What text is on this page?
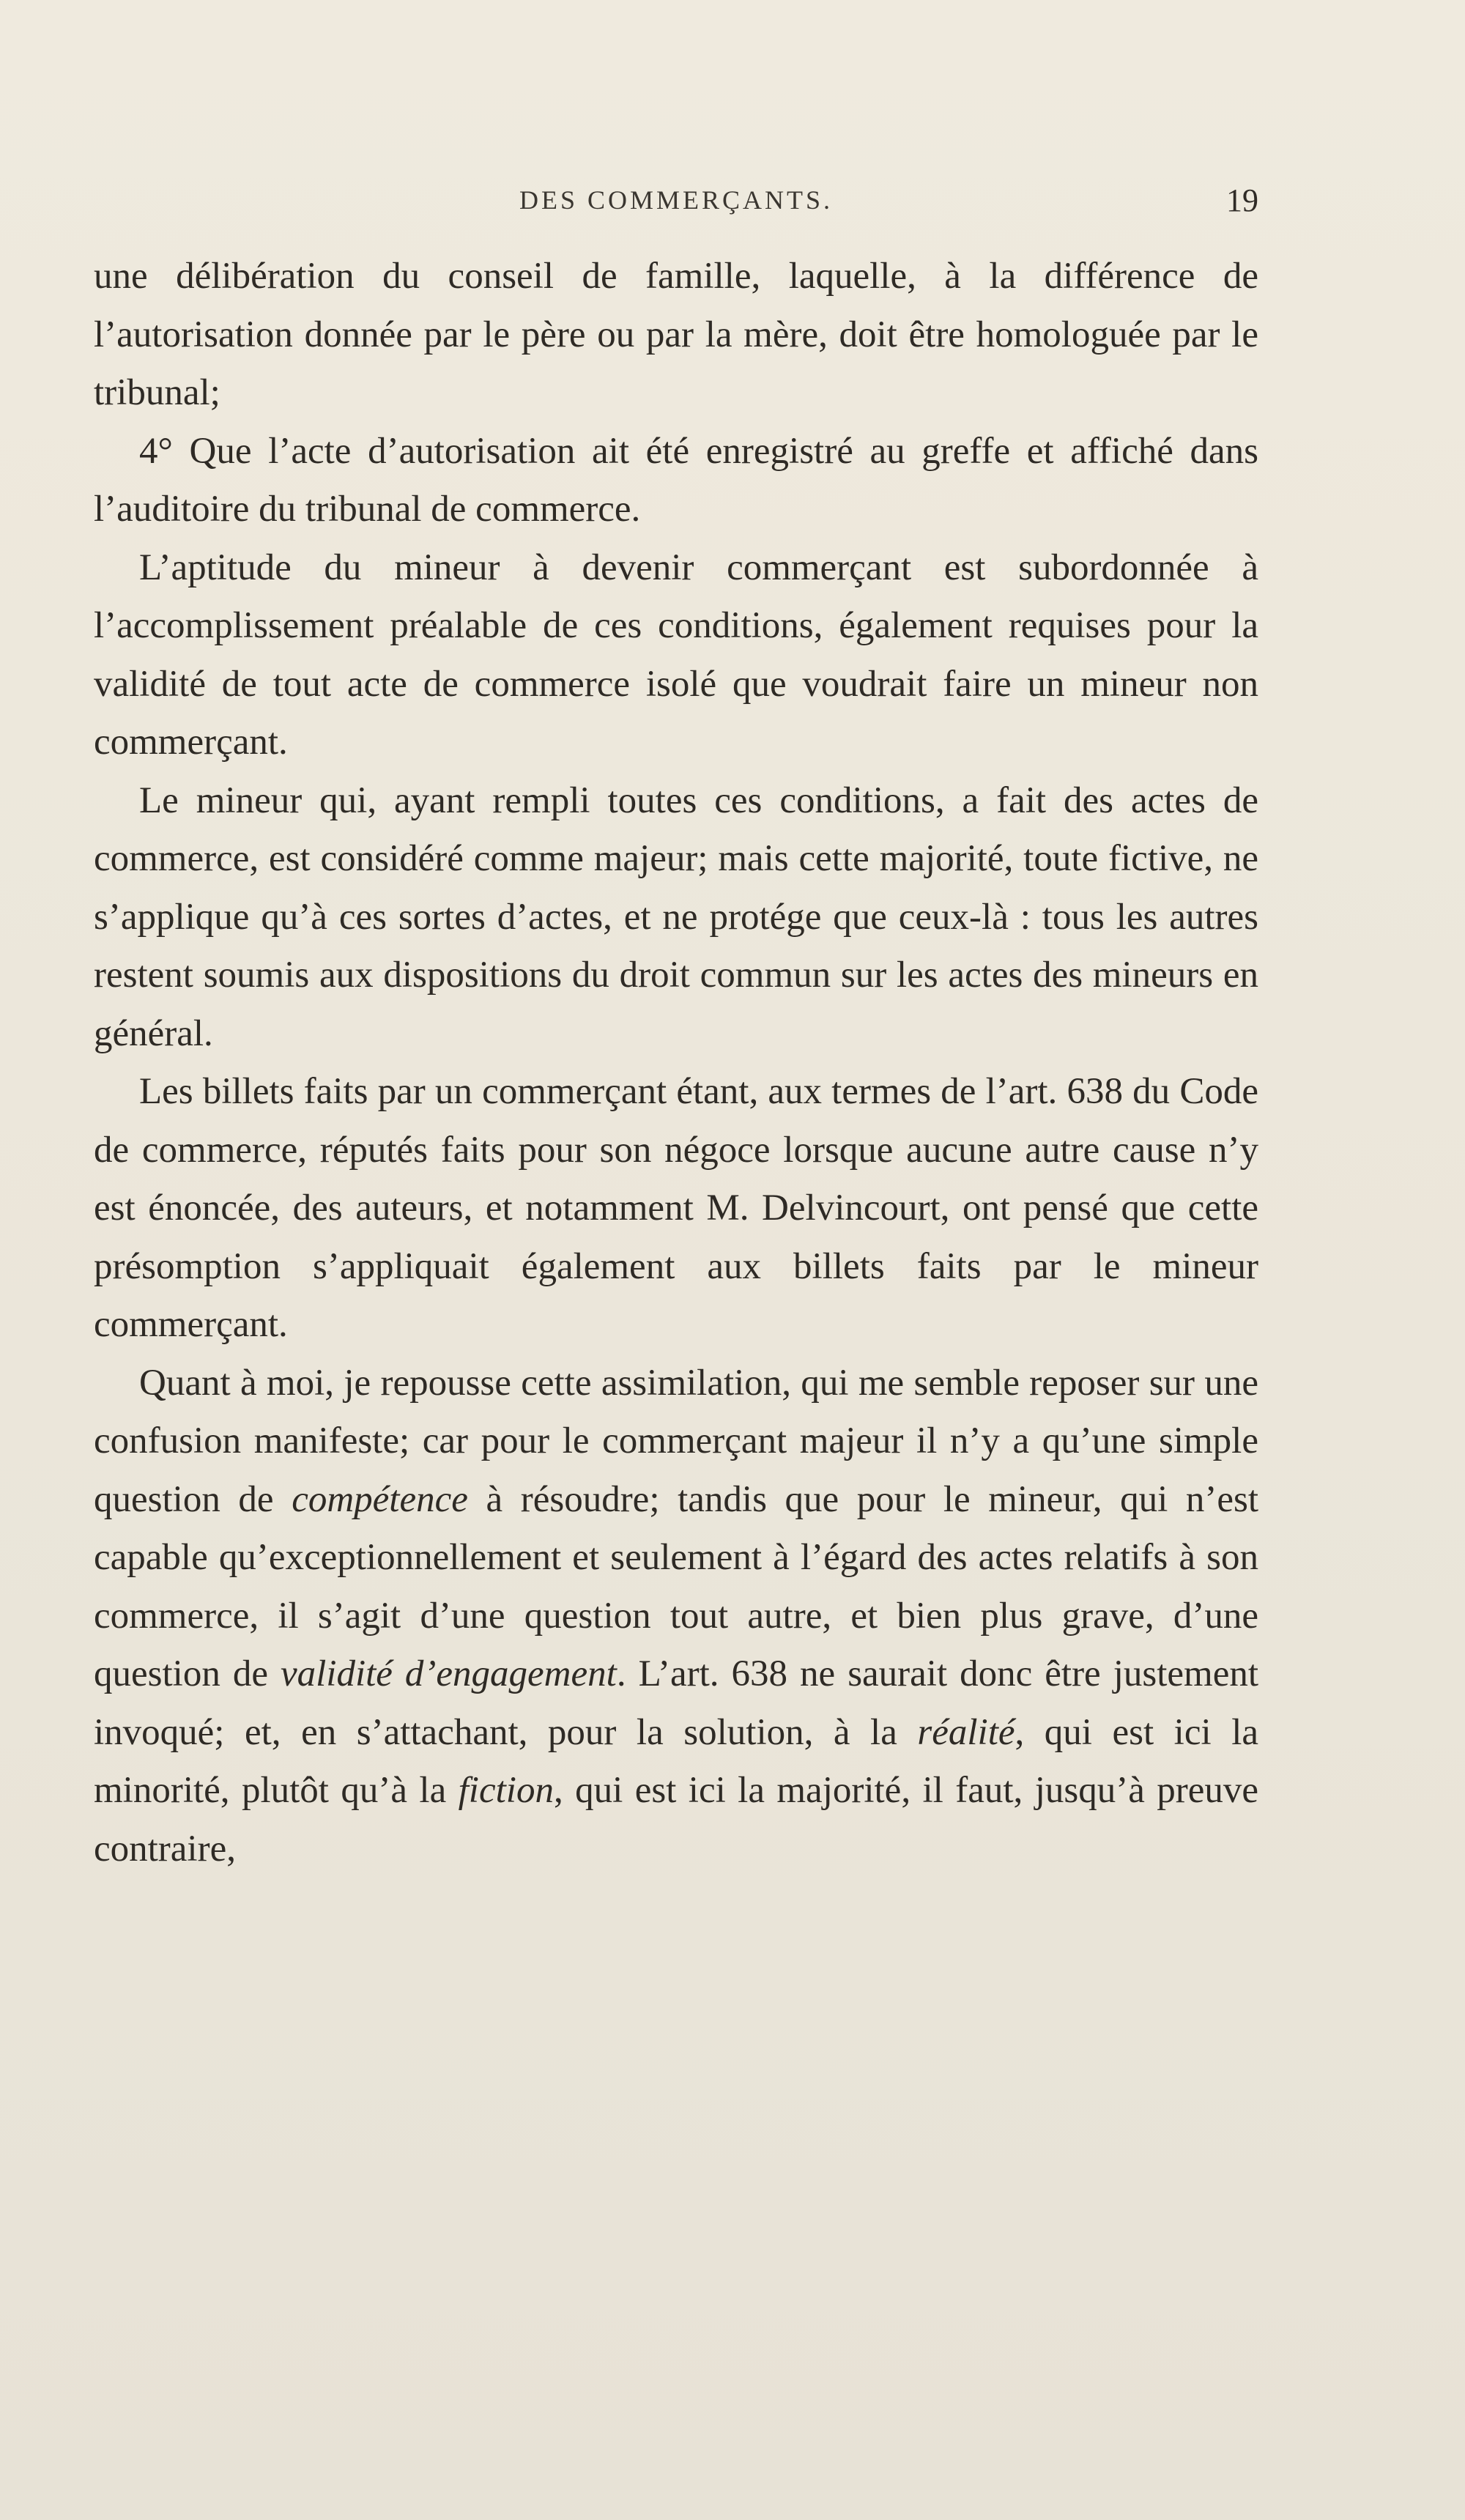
DES COMMERÇANTS.	19

une délibération du conseil de famille, laquelle, à la différence de l’autorisation donnée par le père ou par la mère, doit être homologuée par le tribunal;

4° Que l’acte d’autorisation ait été enregistré au greffe et affiché dans l’auditoire du tribunal de commerce.

L’aptitude du mineur à devenir commerçant est subordonnée à l’accomplissement préalable de ces conditions, également requises pour la validité de tout acte de commerce isolé que voudrait faire un mineur non commerçant.

Le mineur qui, ayant rempli toutes ces conditions, a fait des actes de commerce, est considéré comme majeur; mais cette majorité, toute fictive, ne s’applique qu’à ces sortes d’actes, et ne protége que ceux-là : tous les autres restent soumis aux dispositions du droit commun sur les actes des mineurs en général.

Les billets faits par un commerçant étant, aux termes de l’art. 638 du Code de commerce, réputés faits pour son négoce lorsque aucune autre cause n’y est énoncée, des auteurs, et notamment M. Delvincourt, ont pensé que cette présomption s’appliquait également aux billets faits par le mineur commerçant.

Quant à moi, je repousse cette assimilation, qui me semble reposer sur une confusion manifeste; car pour le commerçant majeur il n’y a qu’une simple question de compétence à résoudre; tandis que pour le mineur, qui n’est capable qu’exceptionnellement et seulement à l’égard des actes relatifs à son commerce, il s’agit d’une question tout autre, et bien plus grave, d’une question de validité d’engagement. L’art. 638 ne saurait donc être justement invoqué; et, en s’attachant, pour la solution, à la réalité, qui est ici la minorité, plutôt qu’à la fiction, qui est ici la majorité, il faut, jusqu’à preuve contraire,
